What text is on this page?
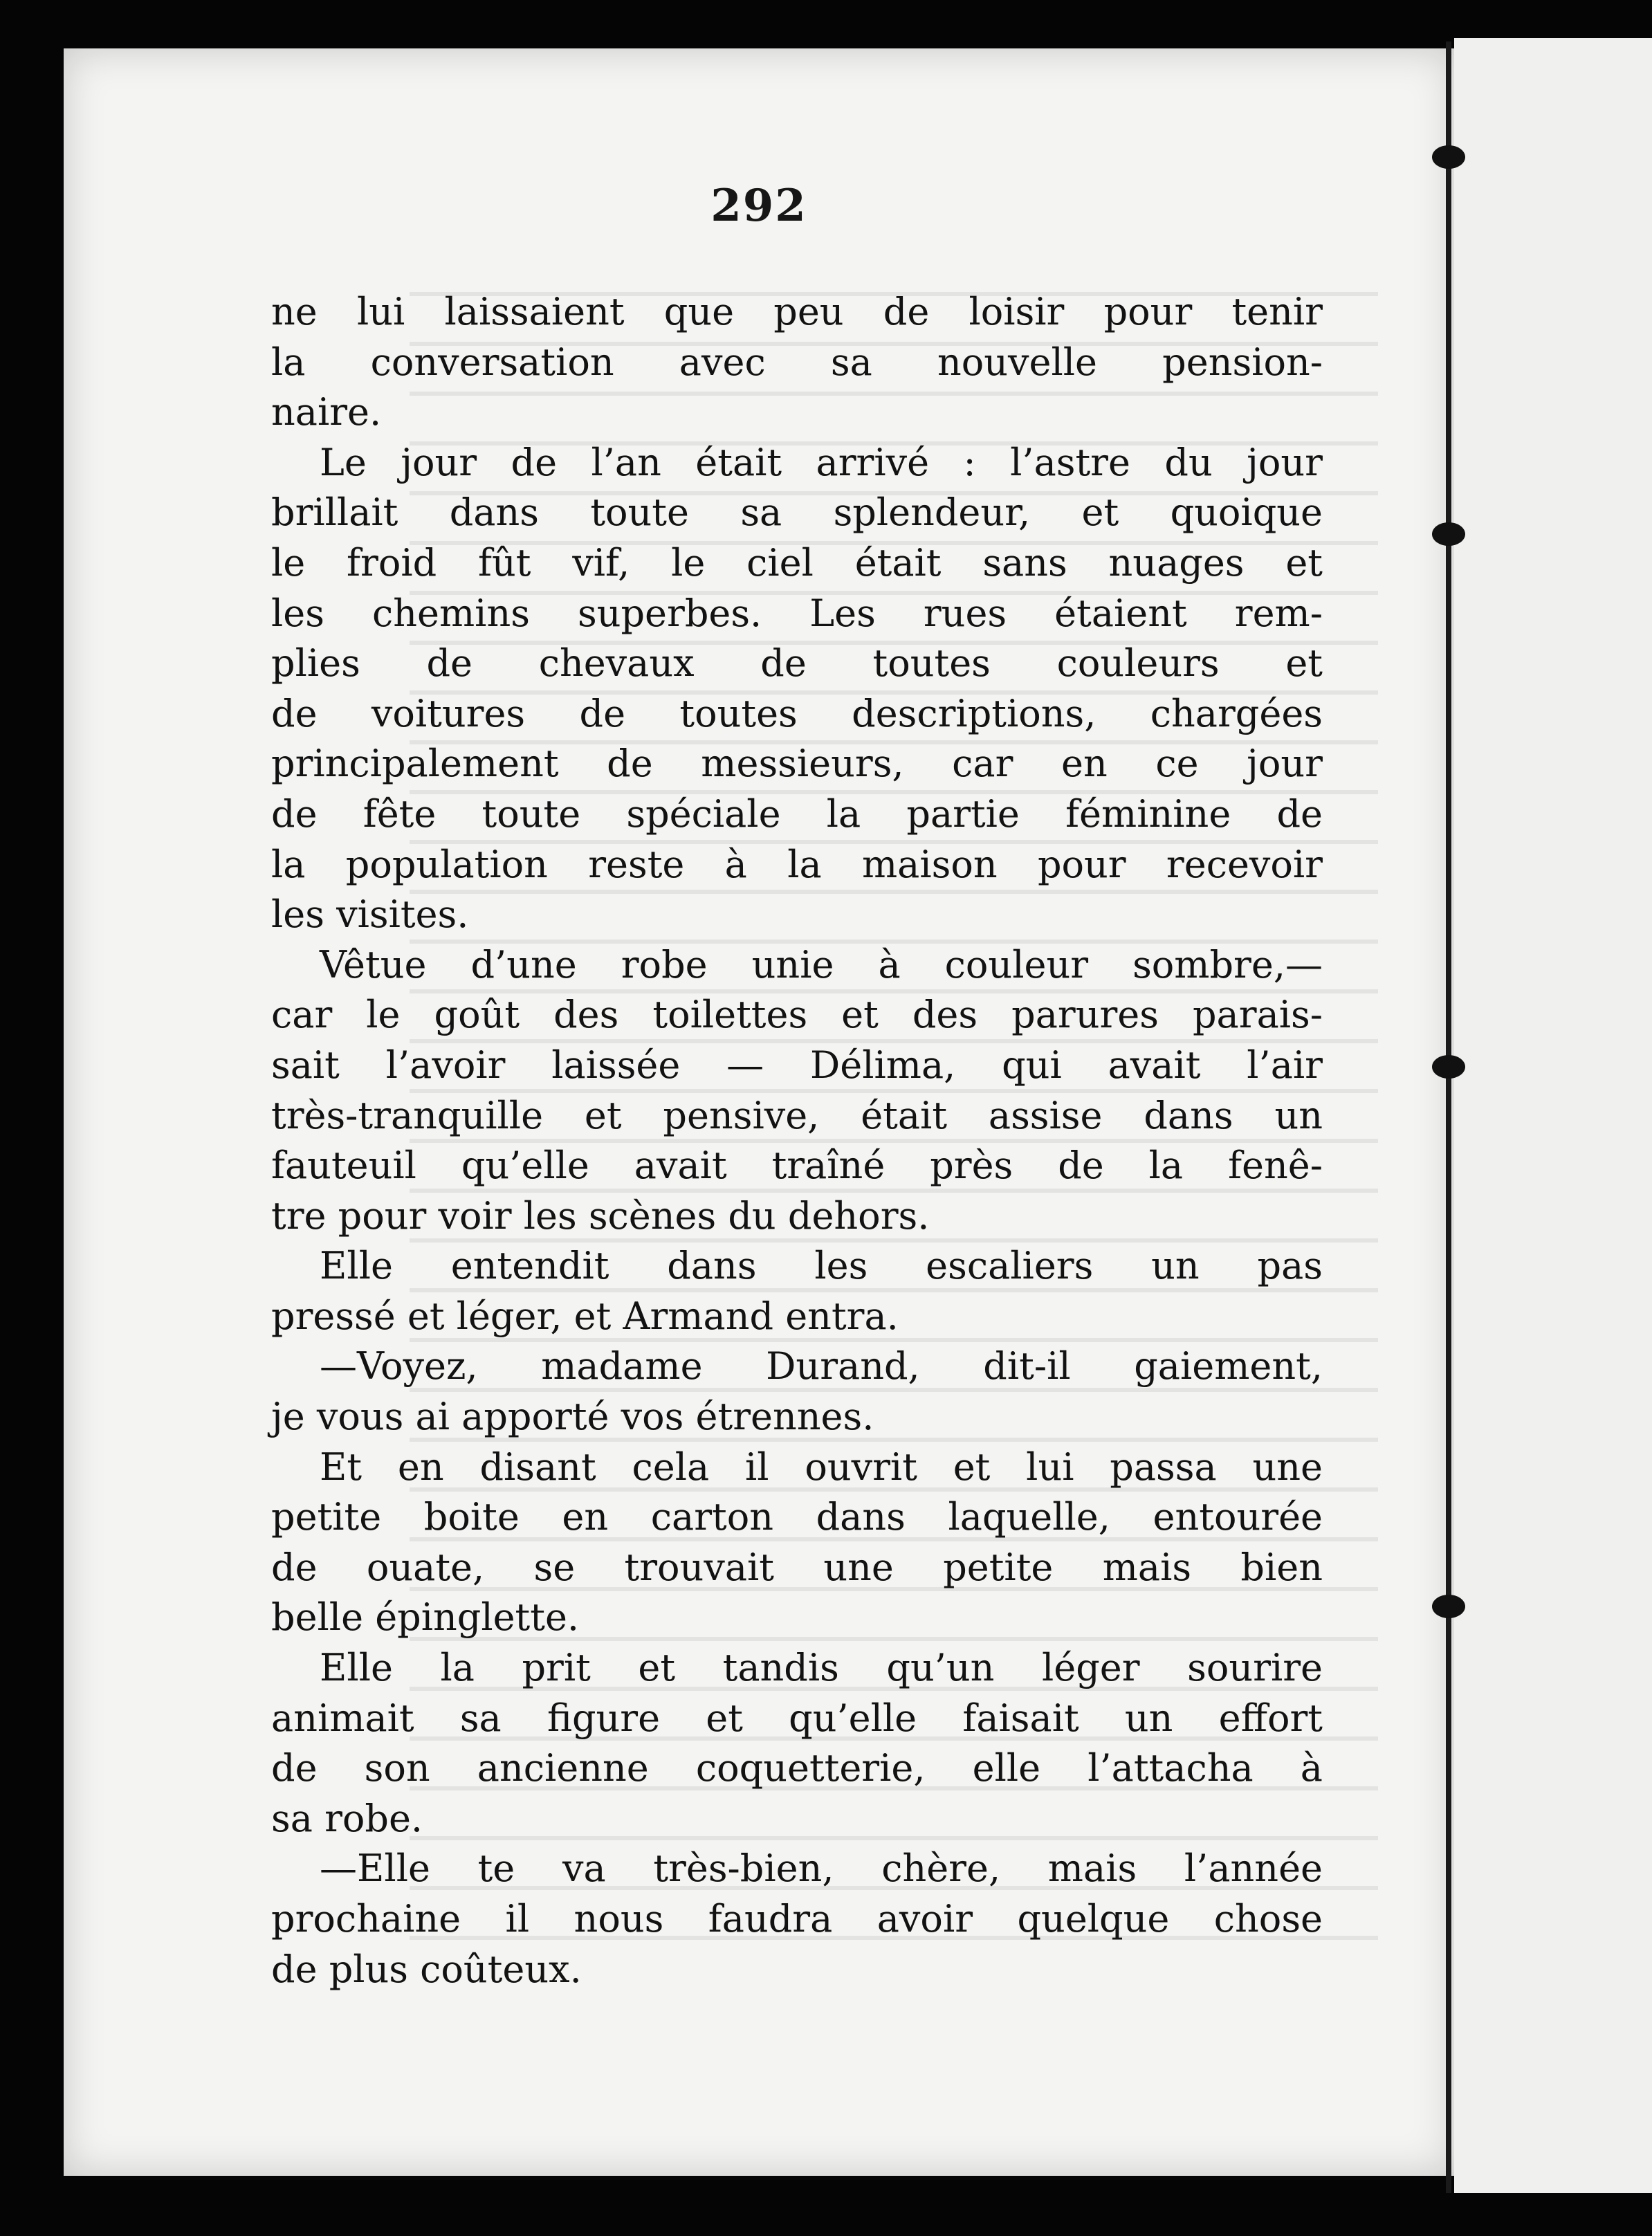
292
ne lui laissaient que peu de loisir pour tenir
la conversation avec sa nouvelle pension-
naire.
Le jour de l’an était arrivé : l’astre du jour
brillait dans toute sa splendeur, et quoique
le froid fût vif, le ciel était sans nuages et
les chemins superbes. Les rues étaient rem-
plies de chevaux de toutes couleurs et
de voitures de toutes descriptions, chargées
principalement de messieurs, car en ce jour
de fête toute spéciale la partie féminine de
la population reste à la maison pour recevoir
les visites.
Vêtue d’une robe unie à couleur sombre,—
car le goût des toilettes et des parures parais-
sait l’avoir laissée — Délima, qui avait l’air
très-tranquille et pensive, était assise dans un
fauteuil qu’elle avait traîné près de la fenê-
tre pour voir les scènes du dehors.
Elle entendit dans les escaliers un pas
pressé et léger, et Armand entra.
—Voyez, madame Durand, dit-il gaiement,
je vous ai apporté vos étrennes.
Et en disant cela il ouvrit et lui passa une
petite boite en carton dans laquelle, entourée
de ouate, se trouvait une petite mais bien
belle épinglette.
Elle la prit et tandis qu’un léger sourire
animait sa figure et qu’elle faisait un effort
de son ancienne coquetterie, elle l’attacha à
sa robe.
—Elle te va très-bien, chère, mais l’année
prochaine il nous faudra avoir quelque chose
de plus coûteux.
